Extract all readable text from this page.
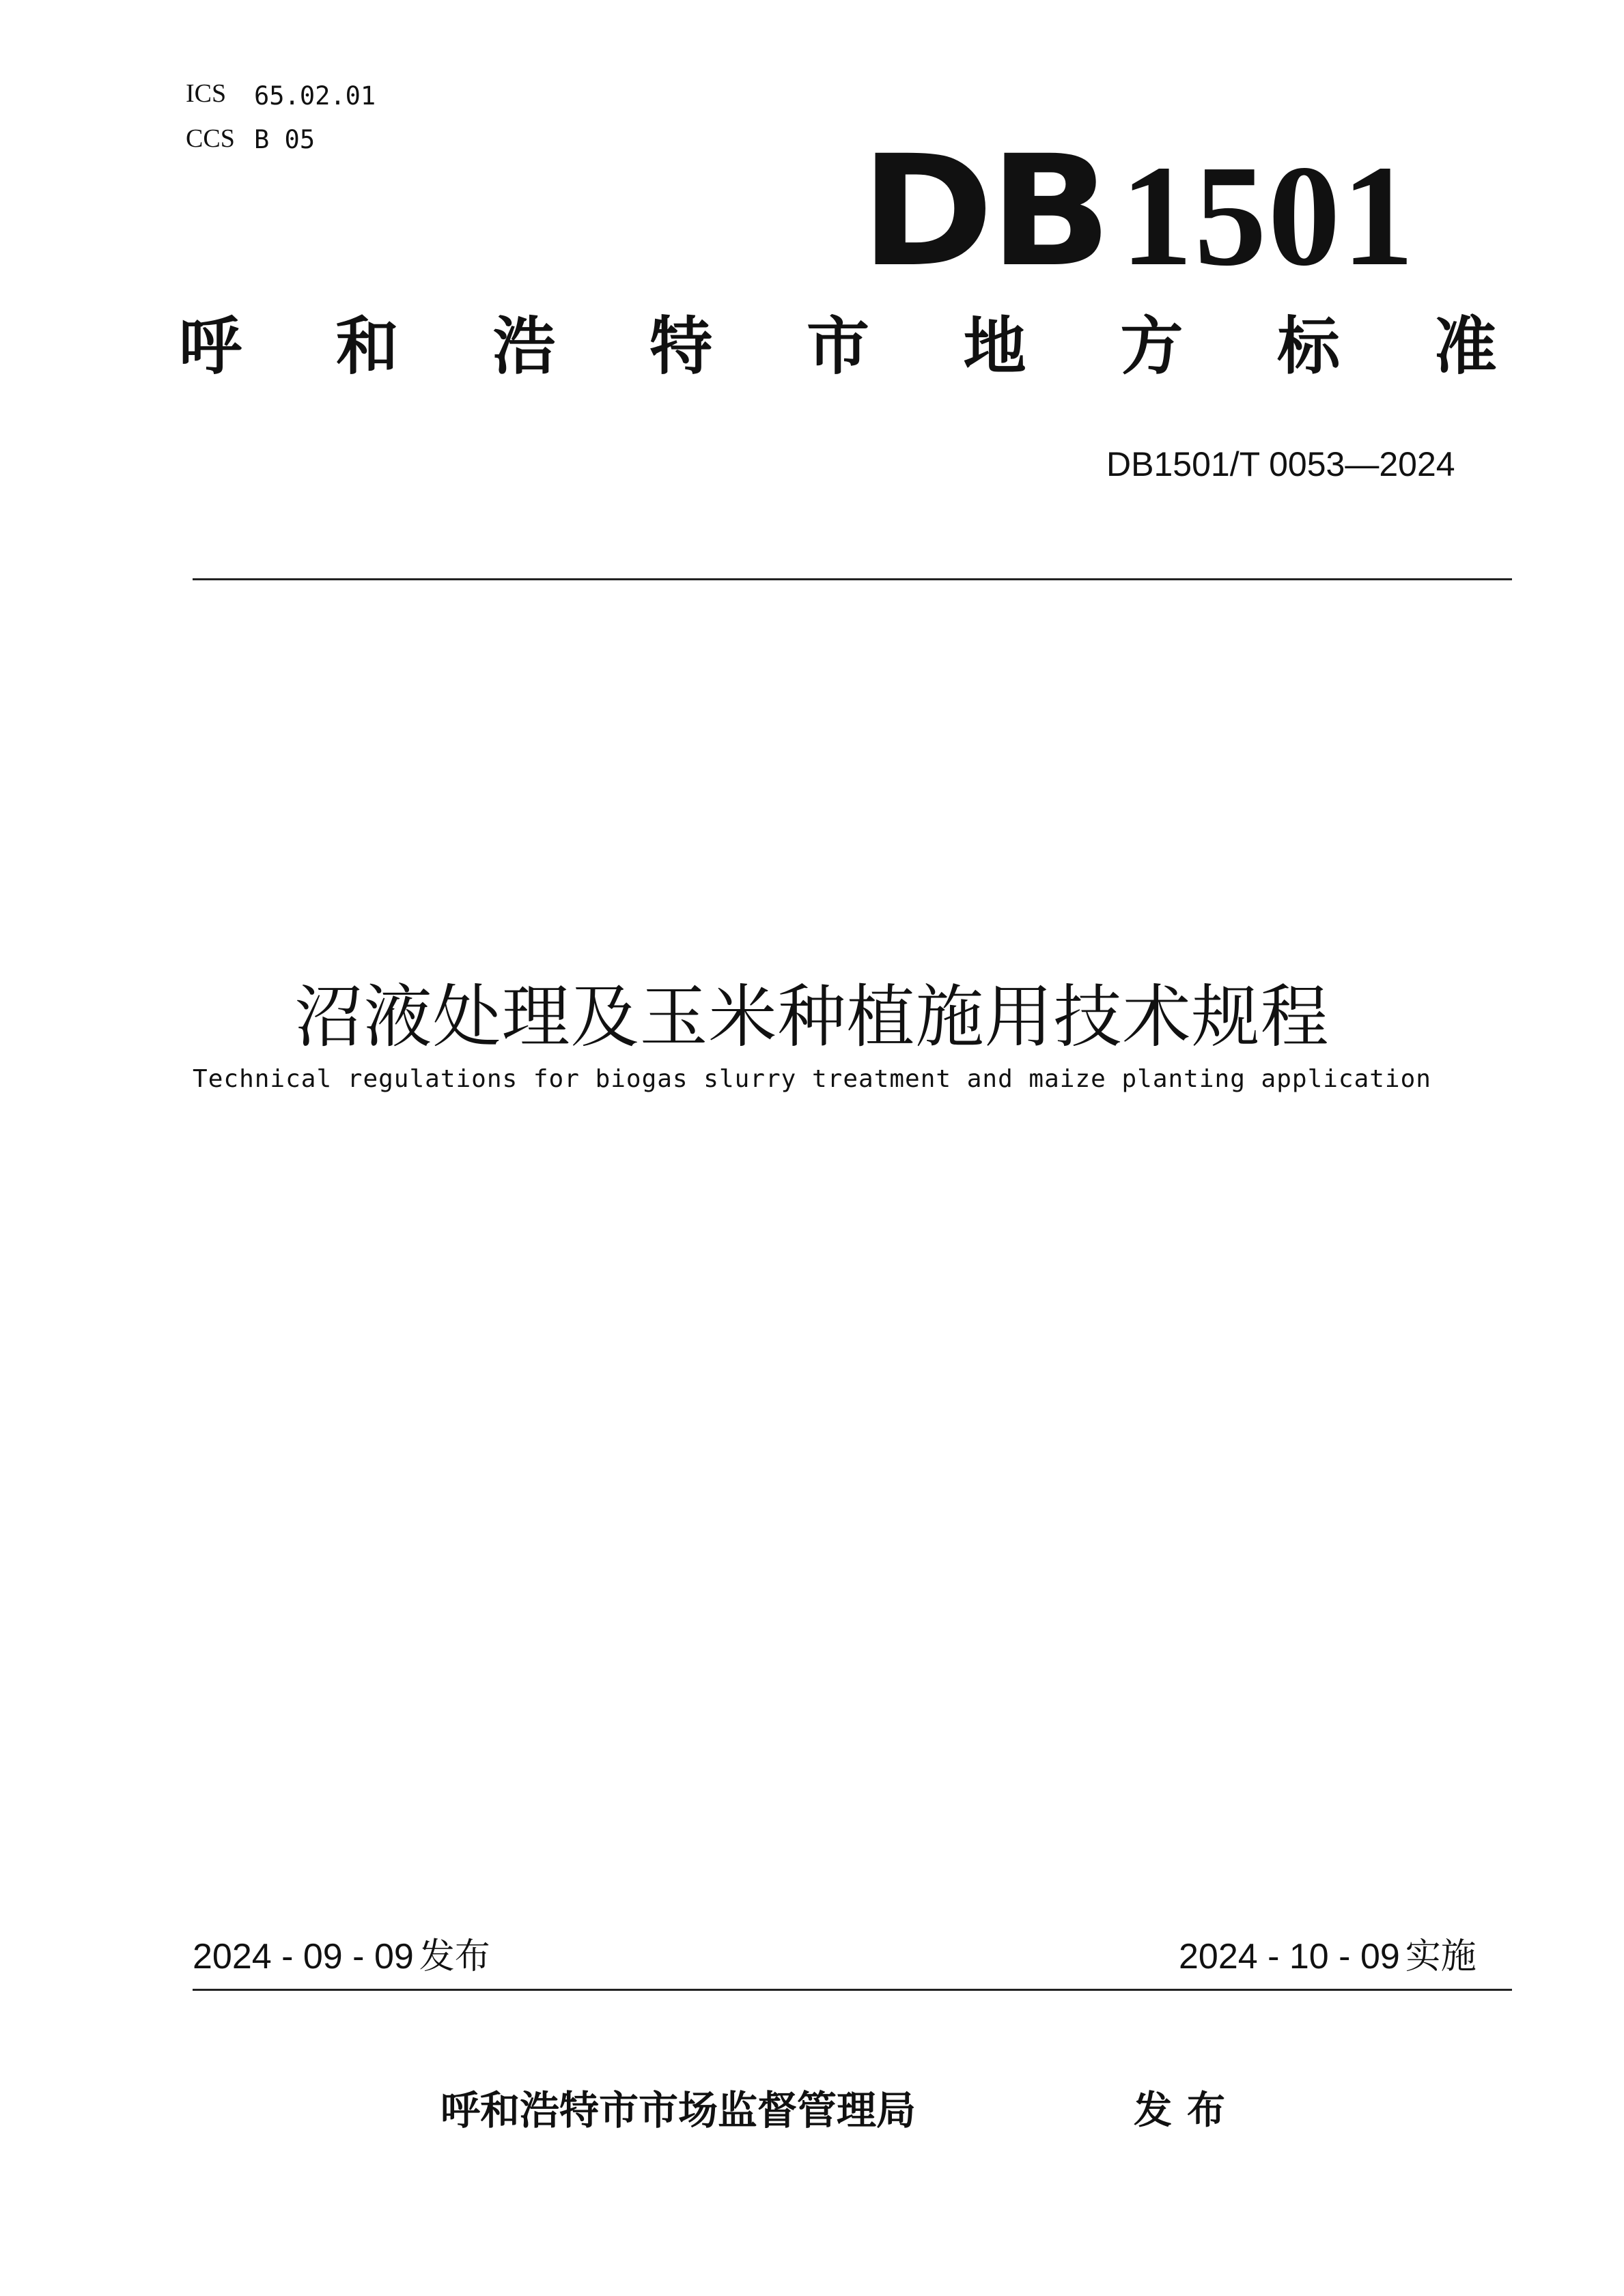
ICS 65.02.01
CCS B 05	DB 1501
呼 和 浩 特 市 地 方 标 准
DB1501/T 0053—2024
沼液处理及玉米种植施用技术规程
Technical regulations for biogas slurry treatment and maize planting application
2024 - 09 - 09 发布	2024 - 10 - 09 实施
呼和浩特市市场监督管理局	发布
